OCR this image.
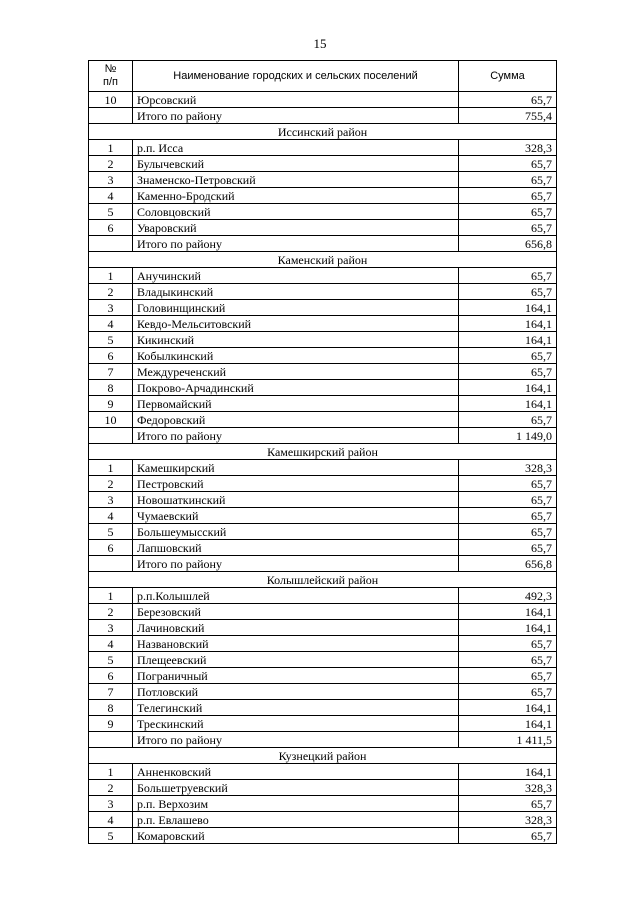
15
№
п/п	Наименование городских и сельских поселений	Сумма
10	Юрсовский	65,7
	Итого по району	755,4
Иссинский район		
1	р.п. Исса	328,3
2	Булычевский	65,7
3	Знаменско-Петровский	65,7
4	Каменно-Бродский	65,7
5	Соловцовский	65,7
6	Уваровский	65,7
	Итого по району	656,8
Каменский район		
1	Анучинский	65,7
2	Владыкинский	65,7
3	Головинщинский	164,1
4	Кевдо-Мельситовский	164,1
5	Кикинский	164,1
6	Кобылкинский	65,7
7	Междуреченский	65,7
8	Покрово-Арчадинский	164,1
9	Первомайский	164,1
10	Федоровский	65,7
	Итого по району	1 149,0
Камешкирский район		
1	Камешкирский	328,3
2	Пестровский	65,7
3	Новошаткинский	65,7
4	Чумаевский	65,7
5	Большеумысский	65,7
6	Лапшовский	65,7
	Итого по району	656,8
Колышлейский район		
1	р.п.Колышлей	492,3
2	Березовский	164,1
3	Лачиновский	164,1
4	Названовский	65,7
5	Плещеевский	65,7
6	Пограничный	65,7
7	Потловский	65,7
8	Телегинский	164,1
9	Трескинский	164,1
	Итого по району	1 411,5
Кузнецкий район		
1	Анненковский	164,1
2	Большетруевский	328,3
3	р.п. Верхозим	65,7
4	р.п. Евлашево	328,3
5	Комаровский	65,7
